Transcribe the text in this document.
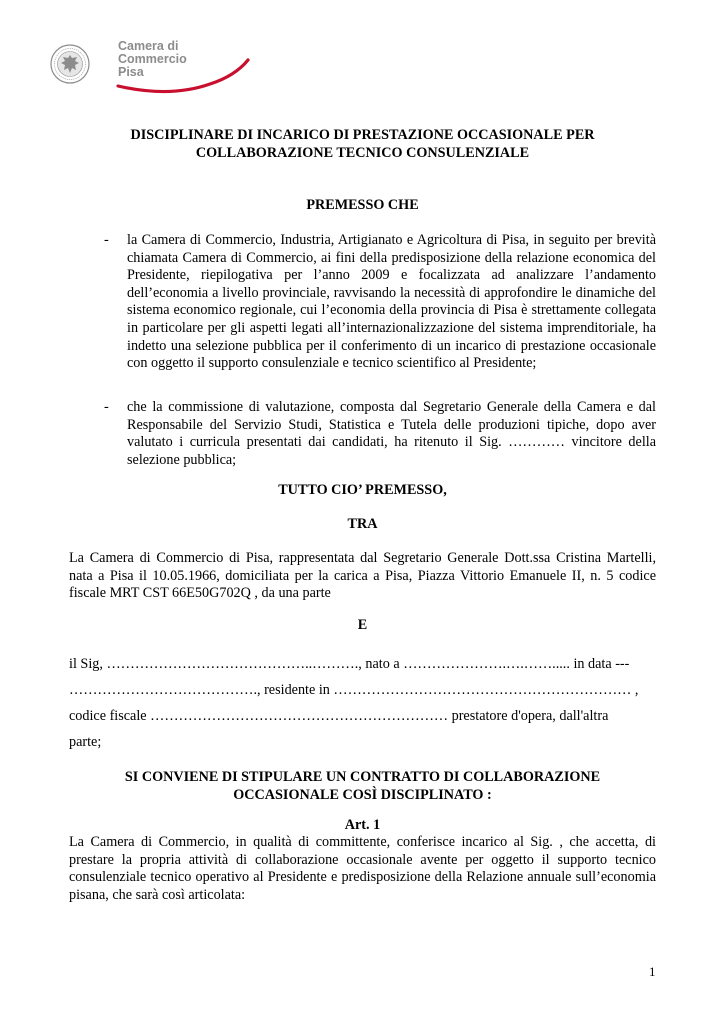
Camera di Commercio
Pisa
DISCIPLINARE DI INCARICO DI PRESTAZIONE OCCASIONALE PER
COLLABORAZIONE TECNICO CONSULENZIALE
PREMESSO CHE
- la Camera di Commercio, Industria, Artigianato e Agricoltura di Pisa, in seguito per brevità chiamata Camera di Commercio, ai fini della predisposizione della relazione economica del Presidente, riepilogativa per l’anno 2009 e focalizzata ad analizzare l’andamento dell’economia a livello provinciale, ravvisando la necessità di approfondire le dinamiche del sistema economico regionale, cui l’economia della provincia di Pisa è strettamente collegata in particolare per gli aspetti legati all’internazionalizzazione del sistema imprenditoriale, ha indetto una selezione pubblica per il conferimento di un incarico di prestazione occasionale con oggetto il supporto consulenziale e tecnico scientifico al Presidente;
- che la commissione di valutazione, composta dal Segretario Generale della Camera e dal Responsabile del Servizio Studi, Statistica e Tutela delle produzioni tipiche, dopo aver valutato i curricula presentati dai candidati, ha ritenuto il Sig. ………… vincitore della selezione pubblica;
TUTTO CIO’ PREMESSO,
TRA
La Camera di Commercio di Pisa, rappresentata dal Segretario Generale Dott.ssa Cristina Martelli, nata a Pisa il 10.05.1966, domiciliata per la carica a Pisa, Piazza Vittorio Emanuele II, n. 5 codice fiscale MRT CST 66E50G702Q , da una parte
E
il Sig, ……………………………………..………., nato a ………………….….……..... in data ---
…………………………………., residente in ……………………………………………………… ,
codice fiscale ……………………………………………………… prestatore d'opera, dall'altra
parte;
SI CONVIENE DI STIPULARE UN CONTRATTO DI COLLABORAZIONE
OCCASIONALE COSÌ DISCIPLINATO :
Art. 1
La Camera di Commercio, in qualità di committente, conferisce incarico al Sig. , che accetta, di prestare la propria attività di collaborazione occasionale avente per oggetto il supporto tecnico consulenziale tecnico operativo al Presidente e predisposizione della Relazione annuale sull’economia pisana, che sarà così articolata:
1
